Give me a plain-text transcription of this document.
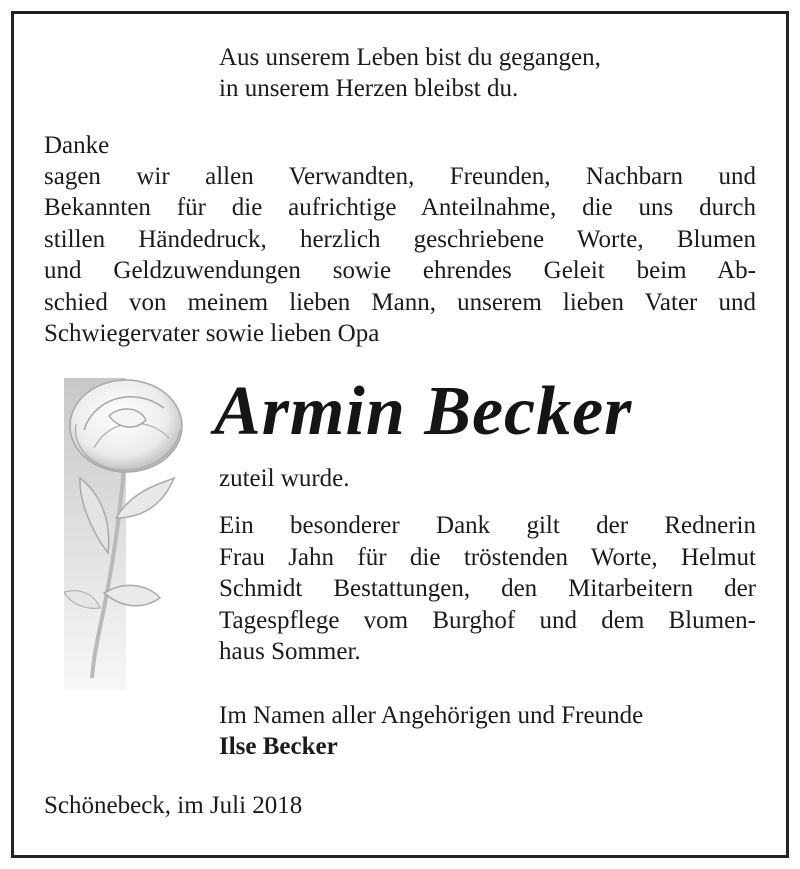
Aus unserem Leben bist du gegangen,
in unserem Herzen bleibst du.
Danke
sagen wir allen Verwandten, Freunden, Nachbarn und
Bekannten für die aufrichtige Anteilnahme, die uns durch
stillen Händedruck, herzlich geschriebene Worte, Blumen
und Geldzuwendungen sowie ehrendes Geleit beim Ab-
schied von meinem lieben Mann, unserem lieben Vater und
Schwiegervater sowie lieben Opa
Armin Becker
zuteil wurde.
Ein besonderer Dank gilt der Rednerin
Frau Jahn für die tröstenden Worte, Helmut
Schmidt Bestattungen, den Mitarbeitern der
Tagespflege vom Burghof und dem Blumen-
haus Sommer.
Im Namen aller Angehörigen und Freunde
Ilse Becker
Schönebeck, im Juli 2018
